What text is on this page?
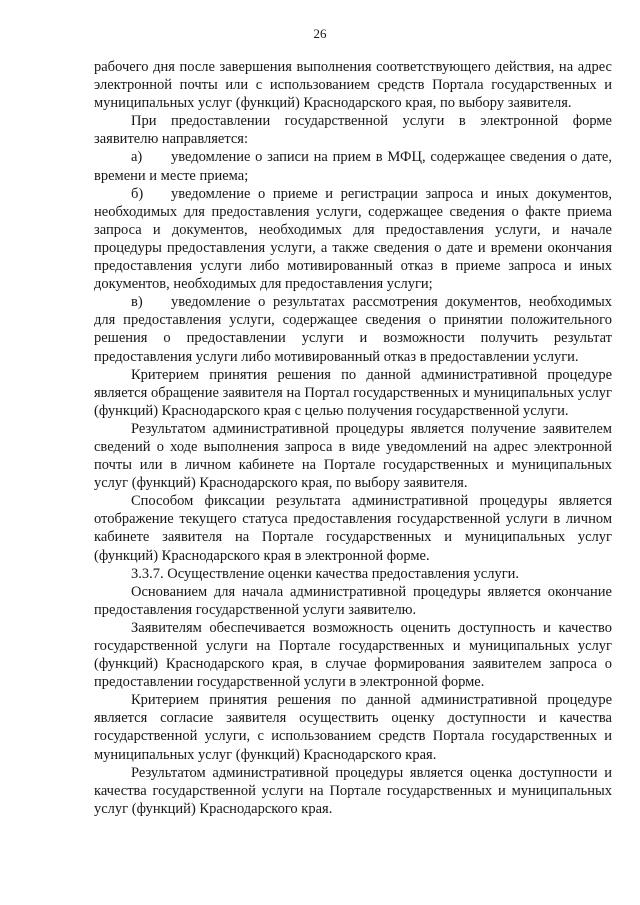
26

рабочего дня после завершения выполнения соответствующего действия, на адрес электронной почты или с использованием средств Портала государственных и муниципальных услуг (функций) Краснодарского края, по выбору заявителя.

При предоставлении государственной услуги в электронной форме заявителю направляется:

а) уведомление о записи на прием в МФЦ, содержащее сведения о дате, времени и месте приема;

б) уведомление о приеме и регистрации запроса и иных документов, необходимых для предоставления услуги, содержащее сведения о факте приема запроса и документов, необходимых для предоставления услуги, и начале процедуры предоставления услуги, а также сведения о дате и времени окончания предоставления услуги либо мотивированный отказ в приеме запроса и иных документов, необходимых для предоставления услуги;

в) уведомление о результатах рассмотрения документов, необходимых для предоставления услуги, содержащее сведения о принятии положительного решения о предоставлении услуги и возможности получить результат предоставления услуги либо мотивированный отказ в предоставлении услуги.

Критерием принятия решения по данной административной процедуре является обращение заявителя на Портал государственных и муниципальных услуг (функций) Краснодарского края с целью получения государственной услуги.

Результатом административной процедуры является получение заявителем сведений о ходе выполнения запроса в виде уведомлений на адрес электронной почты или в личном кабинете на Портале государственных и муниципальных услуг (функций) Краснодарского края, по выбору заявителя.

Способом фиксации результата административной процедуры является отображение текущего статуса предоставления государственной услуги в личном кабинете заявителя на Портале государственных и муниципальных услуг (функций) Краснодарского края в электронной форме.

3.3.7. Осуществление оценки качества предоставления услуги.

Основанием для начала административной процедуры является окончание предоставления государственной услуги заявителю.

Заявителям обеспечивается возможность оценить доступность и качество государственной услуги на Портале государственных и муниципальных услуг (функций) Краснодарского края, в случае формирования заявителем запроса о предоставлении государственной услуги в электронной форме.

Критерием принятия решения по данной административной процедуре является согласие заявителя осуществить оценку доступности и качества государственной услуги, с использованием средств Портала государственных и муниципальных услуг (функций) Краснодарского края.

Результатом административной процедуры является оценка доступности и качества государственной услуги на Портале государственных и муниципальных услуг (функций) Краснодарского края.
